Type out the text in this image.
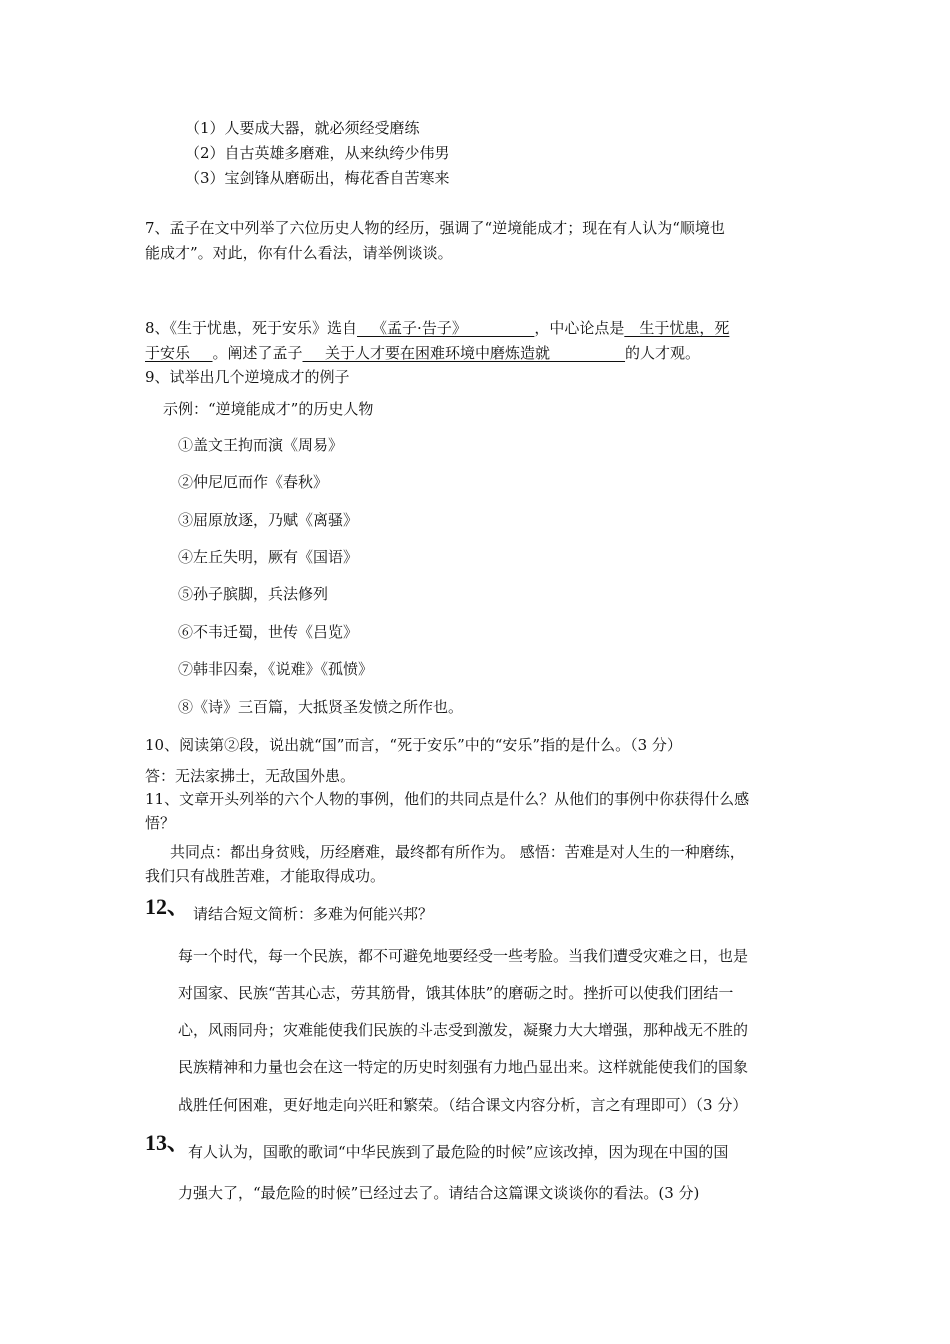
（1）人要成大器，就必须经受磨练
（2）自古英雄多磨难，从来纨绔少伟男
（3）宝剑锋从磨砺出，梅花香自苦寒来
7、孟子在文中列举了六位历史人物的经历，强调了“逆境能成才；现在有人认为“顺境也
能成才”。对此，你有什么看法，请举例谈谈。
8、《生于忧患，死于安乐》选自__《孟子·告子》_________，中心论点是__生于忧患，死
于安乐___。阐述了孟子___关于人才要在困难环境中磨炼造就__________的人才观。
9、试举出几个逆境成才的例子
示例：“逆境能成才”的历史人物
①盖文王拘而演《周易》
②仲尼厄而作《春秋》
③屈原放逐，乃赋《离骚》
④左丘失明，厥有《国语》
⑤孙子膑脚，兵法修列
⑥不韦迁蜀，世传《吕览》
⑦韩非囚秦，《说难》《孤愤》
⑧《诗》三百篇，大抵贤圣发愤之所作也。
10、阅读第②段，说出就“国”而言，“死于安乐”中的“安乐”指的是什么。（3 分）
答：无法家拂士，无敌国外患。
11、文章开头列举的六个人物的事例，他们的共同点是什么？从他们的事例中你获得什么感
悟？
共同点：都出身贫贱，历经磨难，最终都有所作为。 感悟：苦难是对人生的一种磨练，
我们只有战胜苦难，才能取得成功。
12、 请结合短文简析：多难为何能兴邦？
每一个时代，每一个民族，都不可避免地要经受一些考脸。当我们遭受灾难之日，也是
对国家、民族“苦其心志，劳其筋骨，饿其体肤”的磨砺之时。挫折可以使我们团结一
心，风雨同舟；灾难能使我们民族的斗志受到激发，凝聚力大大增强，那种战无不胜的
民族精神和力量也会在这一特定的历史时刻强有力地凸显出来。这样就能使我们的国象
战胜任何困难，更好地走向兴旺和繁荣。（结合课文内容分析，言之有理即可）（3 分）
13、
有人认为，国歌的歌词“中华民族到了最危险的时候”应该改掉，因为现在中国的国
力强大了，“最危险的时候”已经过去了。请结合这篇课文谈谈你的看法。(3 分)
